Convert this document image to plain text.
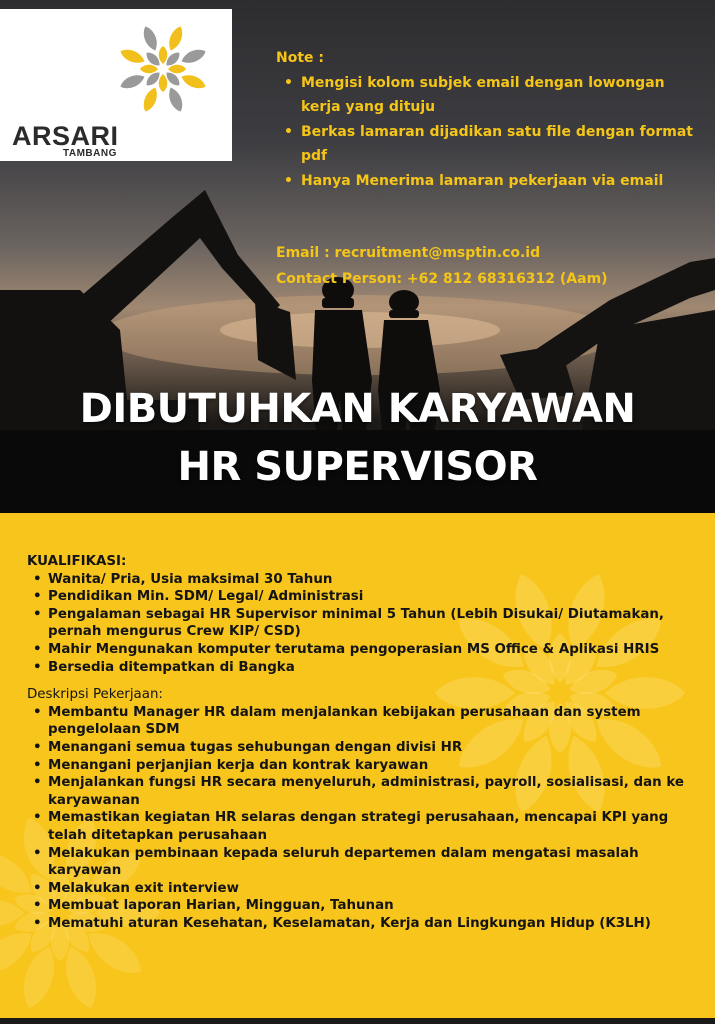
ARSARI
TAMBANG
Note :
• Mengisi kolom subjek email dengan lowongan kerja yang dituju
• Berkas lamaran dijadikan satu file dengan format pdf
• Hanya Menerima lamaran pekerjaan via email
Email : recruitment@msptin.co.id
Contact Person: +62 812 68316312 (Aam)
DIBUTUHKAN KARYAWAN
HR SUPERVISOR
KUALIFIKASI:
• Wanita/ Pria, Usia maksimal 30 Tahun
• Pendidikan Min. SDM/ Legal/ Administrasi
• Pengalaman sebagai HR Supervisor minimal 5 Tahun (Lebih Disukai/ Diutamakan, pernah mengurus Crew KIP/ CSD)
• Mahir Mengunakan komputer terutama pengoperasian MS Office & Aplikasi HRIS
• Bersedia ditempatkan di Bangka
Deskripsi Pekerjaan:
• Membantu Manager HR dalam menjalankan kebijakan perusahaan dan system pengelolaan SDM
• Menangani semua tugas sehubungan dengan divisi HR
• Menangani perjanjian kerja dan kontrak karyawan
• Menjalankan fungsi HR secara menyeluruh, administrasi, payroll, sosialisasi, dan ke karyawanan
• Memastikan kegiatan HR selaras dengan strategi perusahaan, mencapai KPI yang telah ditetapkan perusahaan
• Melakukan pembinaan kepada seluruh departemen dalam mengatasi masalah karyawan
• Melakukan exit interview
• Membuat laporan Harian, Mingguan, Tahunan
• Mematuhi aturan Kesehatan, Keselamatan, Kerja dan Lingkungan Hidup (K3LH)
